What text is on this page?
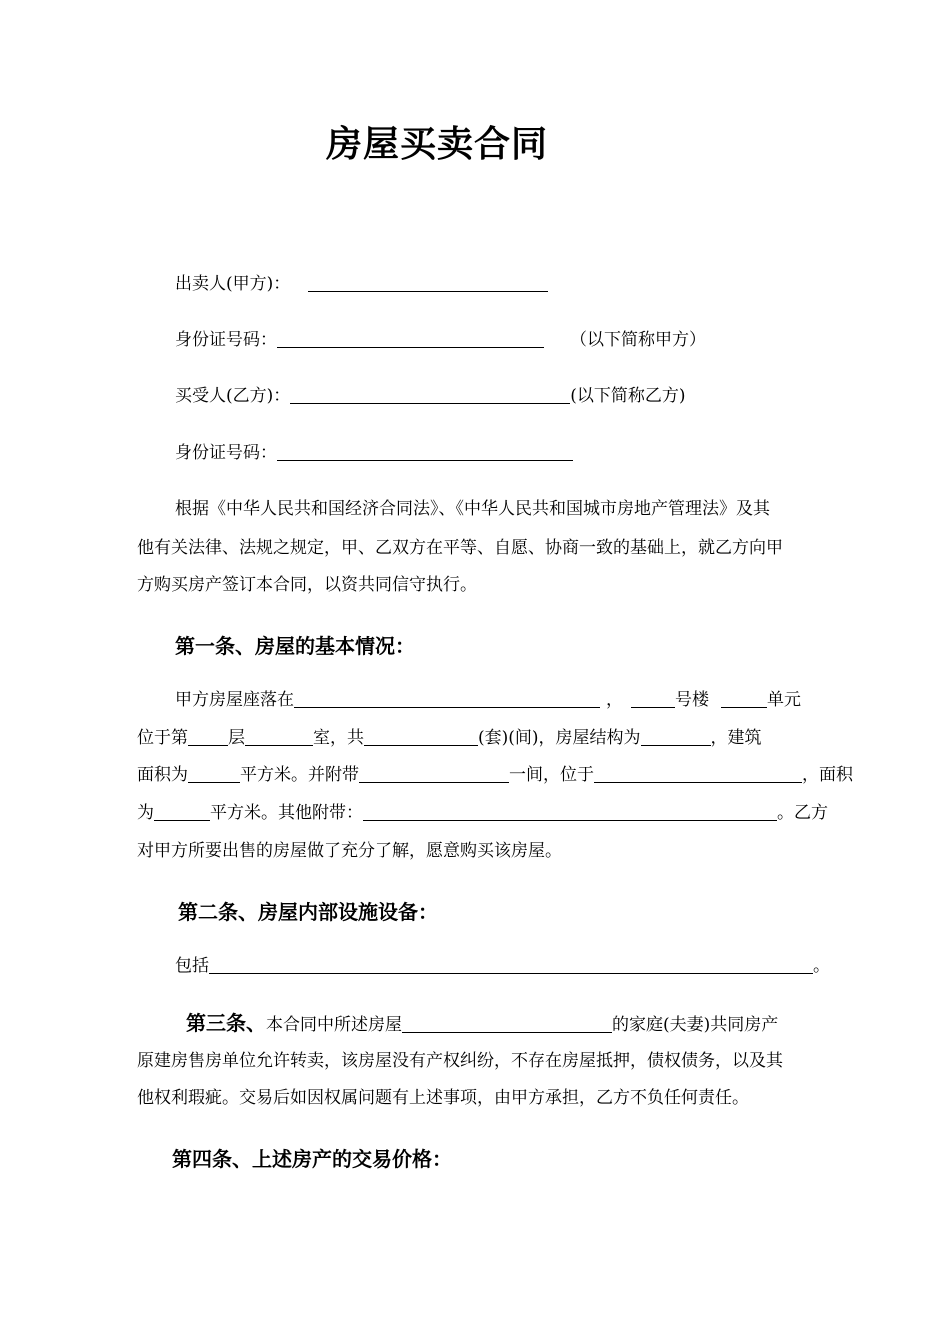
房屋买卖合同
出卖人(甲方)：
身份证号码：	（以下简称甲方）
买受人(乙方)：	(以下简称乙方)
身份证号码：
根据《中华人民共和国经济合同法》、《中华人民共和国城市房地产管理法》及其
他有关法律、法规之规定，甲、乙双方在平等、自愿、协商一致的基础上，就乙方向甲
方购买房产签订本合同，以资共同信守执行。
第一条、房屋的基本情况：
甲方房屋座落在	，	号楼	单元
位于第 层	室，共	(套)(间)，房屋结构为	，建筑
面积为	平方米。并附带	一间，位于	，面积
为	平方米。其他附带：	。乙方
对甲方所要出售的房屋做了充分了解，愿意购买该房屋。
第二条、房屋内部设施设备：
包括	。
第三条、本合同中所述房屋	的家庭(夫妻)共同房产
原建房售房单位允许转卖，该房屋没有产权纠纷，不存在房屋抵押，债权债务，以及其
他权利瑕疵。交易后如因权属问题有上述事项，由甲方承担，乙方不负任何责任。
第四条、上述房产的交易价格：
